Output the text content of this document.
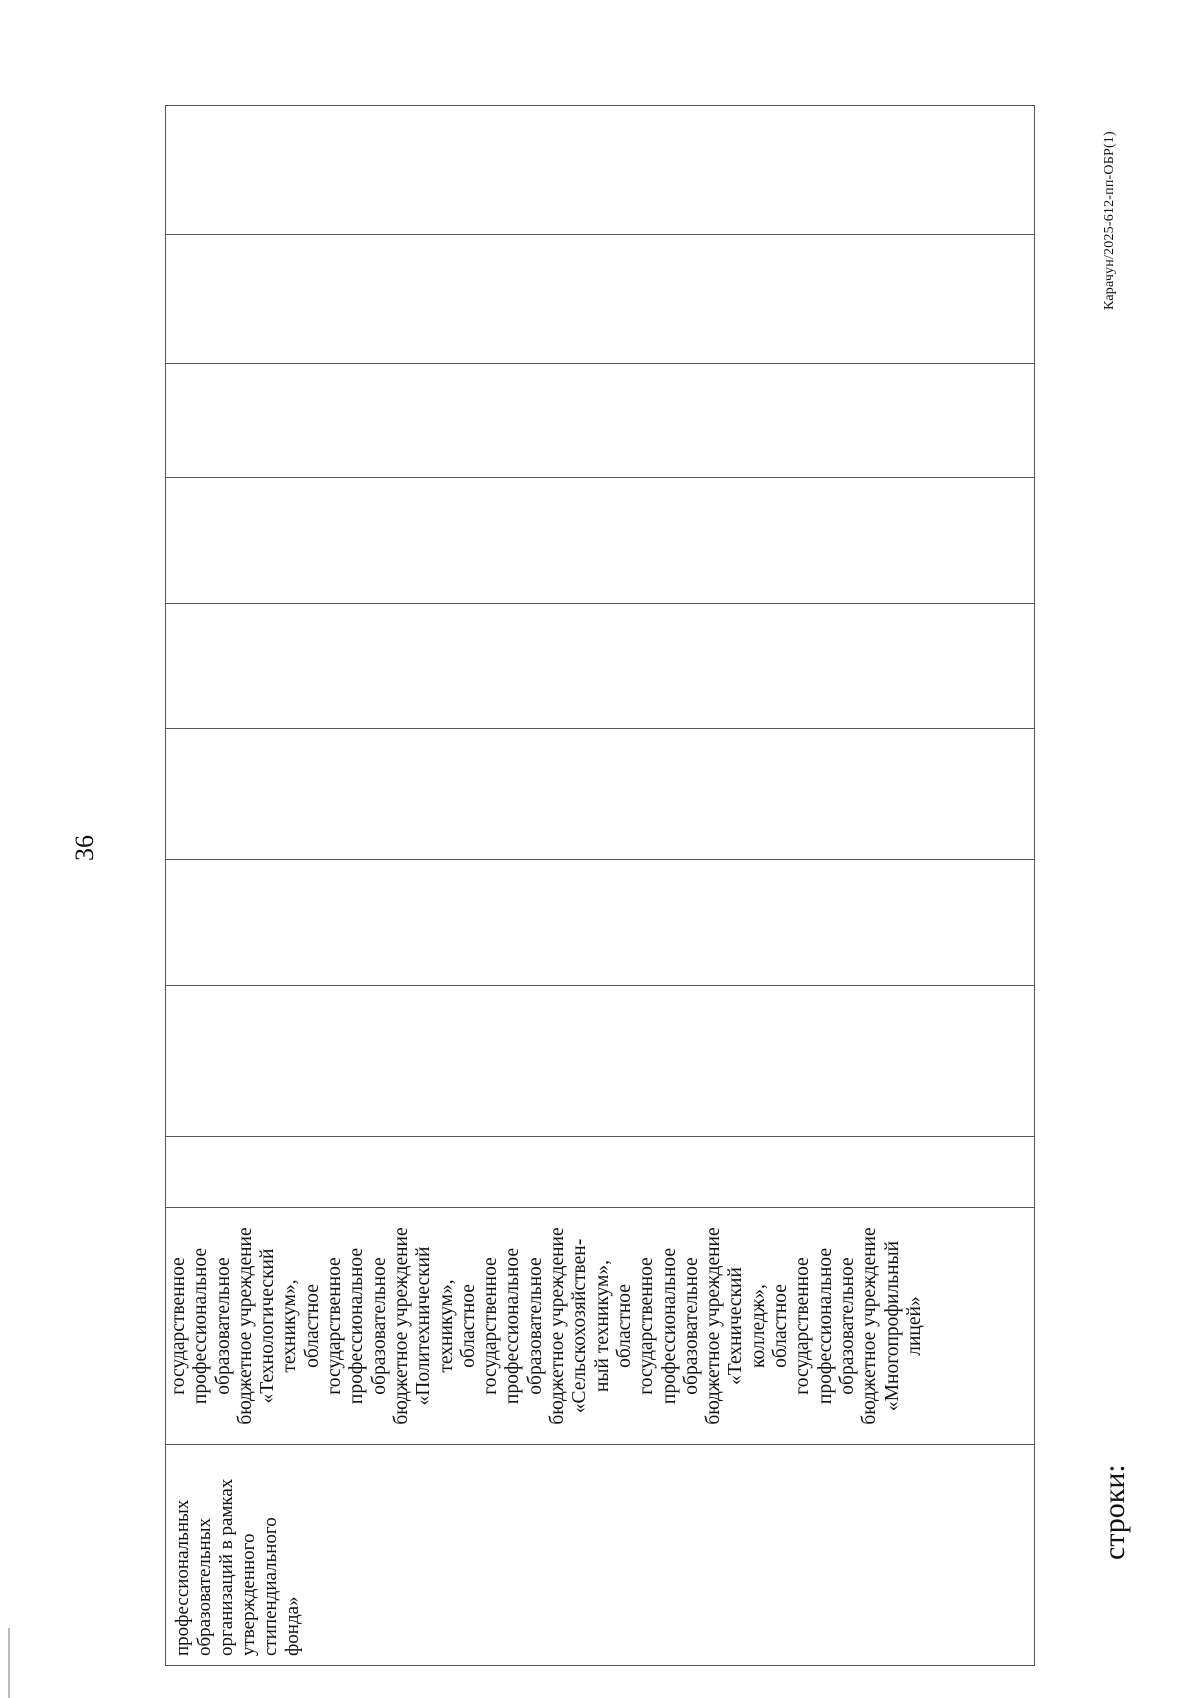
36
профессиональных образовательных организаций в рамках утвержденного стипендиального фонда»

государственное профессиональное образовательное бюджетное учреждение «Технологический техникум», областное государственное профессиональное образовательное бюджетное учреждение «Политехнический техникум», областное государственное профессиональное образовательное бюджетное учреждение «Сельскохозяйствен- ный техникум», областное государственное профессиональное образовательное бюджетное учреждение «Технический колледж», областное государственное профессиональное образовательное бюджетное учреждение «Многопрофильный лицей»

строки:
Карачун/2025-612-пп-ОБР(1)
